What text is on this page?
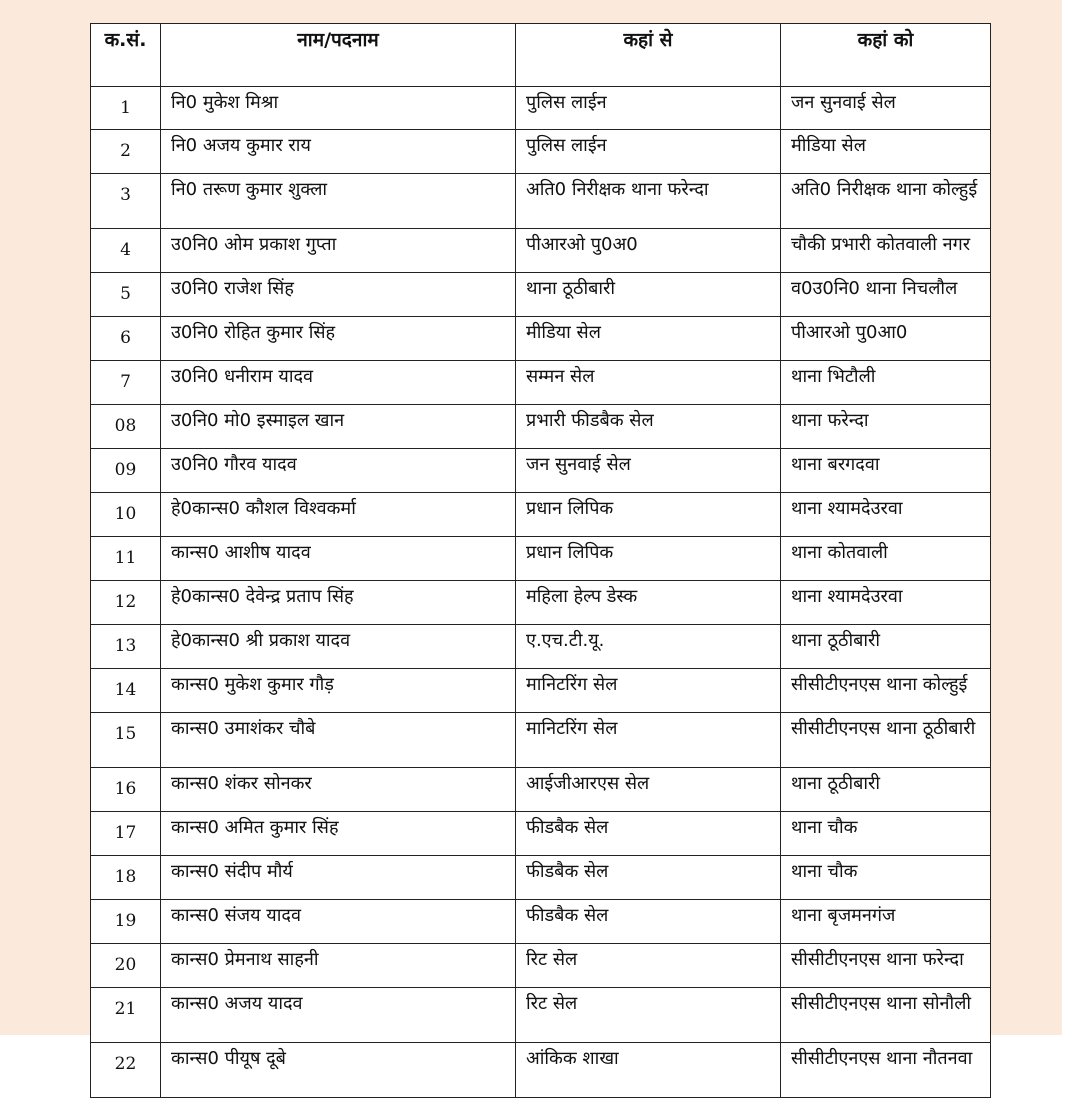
क.सं.	नाम/पदनाम	कहां से	कहां को
1	नि0 मुकेश मिश्रा	पुलिस लाईन	जन सुनवाई सेल
2	नि0 अजय कुमार राय	पुलिस लाईन	मीडिया सेल
3	नि0 तरूण कुमार शुक्ला	अति0 निरीक्षक थाना फरेन्दा	अति0 निरीक्षक थाना कोल्हुई
4	उ0नि0 ओम प्रकाश गुप्ता	पीआरओ पु0अ0	चौकी प्रभारी कोतवाली नगर
5	उ0नि0 राजेश सिंह	थाना ठूठीबारी	व0उ0नि0 थाना निचलौल
6	उ0नि0 रोहित कुमार सिंह	मीडिया सेल	पीआरओ पु0आ0
7	उ0नि0 धनीराम यादव	सम्मन सेल	थाना भिटौली
08	उ0नि0 मो0 इस्माइल खान	प्रभारी फीडबैक सेल	थाना फरेन्दा
09	उ0नि0 गौरव यादव	जन सुनवाई सेल	थाना बरगदवा
10	हे0कान्स0 कौशल विश्वकर्मा	प्रधान लिपिक	थाना श्यामदेउरवा
11	कान्स0 आशीष यादव	प्रधान लिपिक	थाना कोतवाली
12	हे0कान्स0 देवेन्द्र प्रताप सिंह	महिला हेल्प डेस्क	थाना श्यामदेउरवा
13	हे0कान्स0 श्री प्रकाश यादव	ए.एच.टी.यू.	थाना ठूठीबारी
14	कान्स0 मुकेश कुमार गौड़	मानिटरिंग सेल	सीसीटीएनएस थाना कोल्हुई
15	कान्स0 उमाशंकर चौबे	मानिटरिंग सेल	सीसीटीएनएस थाना ठूठीबारी
16	कान्स0 शंकर सोनकर	आईजीआरएस सेल	थाना ठूठीबारी
17	कान्स0 अमित कुमार सिंह	फीडबैक सेल	थाना चौक
18	कान्स0 संदीप मौर्य	फीडबैक सेल	थाना चौक
19	कान्स0 संजय यादव	फीडबैक सेल	थाना बृजमनगंज
20	कान्स0 प्रेमनाथ साहनी	रिट सेल	सीसीटीएनएस थाना फरेन्दा
21	कान्स0 अजय यादव	रिट सेल	सीसीटीएनएस थाना सोनौली
22	कान्स0 पीयूष दूबे	आंकिक शाखा	सीसीटीएनएस थाना नौतनवा
